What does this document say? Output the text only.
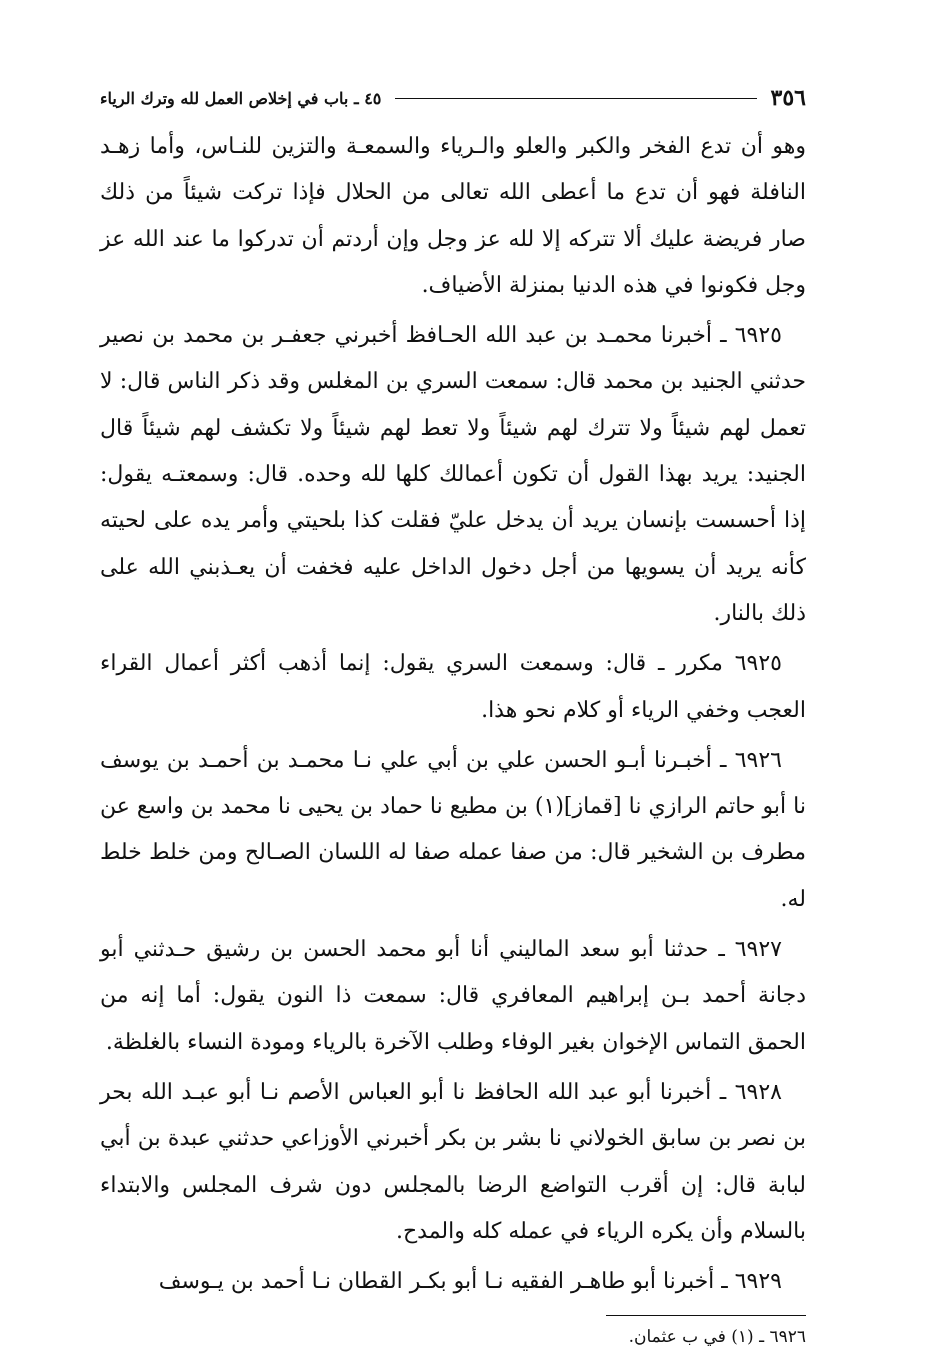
٣٥٦
٤٥ ـ باب في إخلاص العمل لله وترك الرياء

وهو أن تدع الفخر والكبر والعلو والـرياء والسمعـة والتزين للنـاس، وأما زهـد النافلة فهو أن تدع ما أعطى الله تعالى من الحلال فإذا تركت شيئاً من ذلك صار فريضة عليك ألا تتركه إلا لله عز وجل وإن أردتم أن تدركوا ما عند الله عز وجل فكونوا في هذه الدنيا بمنزلة الأضياف.

٦٩٢٥ ـ أخبرنا محمـد بن عبد الله الحـافظ أخبرني جعفـر بن محمد بن نصير حدثني الجنيد بن محمد قال: سمعت السري بن المغلس وقد ذكر الناس قال: لا تعمل لهم شيئاً ولا تترك لهم شيئاً ولا تعط لهم شيئاً ولا تكشف لهم شيئاً قال الجنيد: يريد بهذا القول أن تكون أعمالك كلها لله وحده. قال: وسمعتـه يقول: إذا أحسست بإنسان يريد أن يدخل عليّ فقلت كذا بلحيتي وأمر يده على لحيته كأنه يريد أن يسويها من أجل دخول الداخل عليه فخفت أن يعـذبني الله على ذلك بالنار.

٦٩٢٥ مكرر ـ قال: وسمعت السري يقول: إنما أذهب أكثر أعمال القراء العجب وخفي الرياء أو كلام نحو هذا.

٦٩٢٦ ـ أخبـرنا أبـو الحسن علي بن أبي علي نـا محمـد بن أحمـد بن يوسف نا أبو حاتم الرازي نا [قماز](١) بن مطيع نا حماد بن يحيى نا محمد بن واسع عن مطرف بن الشخير قال: من صفا عمله صفا له اللسان الصـالح ومن خلط خلط له.

٦٩٢٧ ـ حدثنا أبو سعد الماليني أنا أبو محمد الحسن بن رشيق حـدثني أبو دجانة أحمد بـن إبراهيم المعافري قال: سمعت ذا النون يقول: أما إنه من الحمق التماس الإخوان بغير الوفاء وطلب الآخرة بالرياء ومودة النساء بالغلظة.

٦٩٢٨ ـ أخبرنا أبو عبد الله الحافظ نا أبو العباس الأصم نـا أبو عبـد الله بحر بن نصر بن سابق الخولاني نا بشر بن بكر أخبرني الأوزاعي حدثني عبدة بن أبي لبابة قال: إن أقرب التواضع الرضا بالمجلس دون شرف المجلس والابتداء بالسلام وأن يكره الرياء في عمله كله والمدح.

٦٩٢٩ ـ أخبرنا أبو طاهـر الفقيه نـا أبو بكـر القطان نـا أحمد بن يـوسف

٦٩٢٦ ـ (١) في ب عثمان.
